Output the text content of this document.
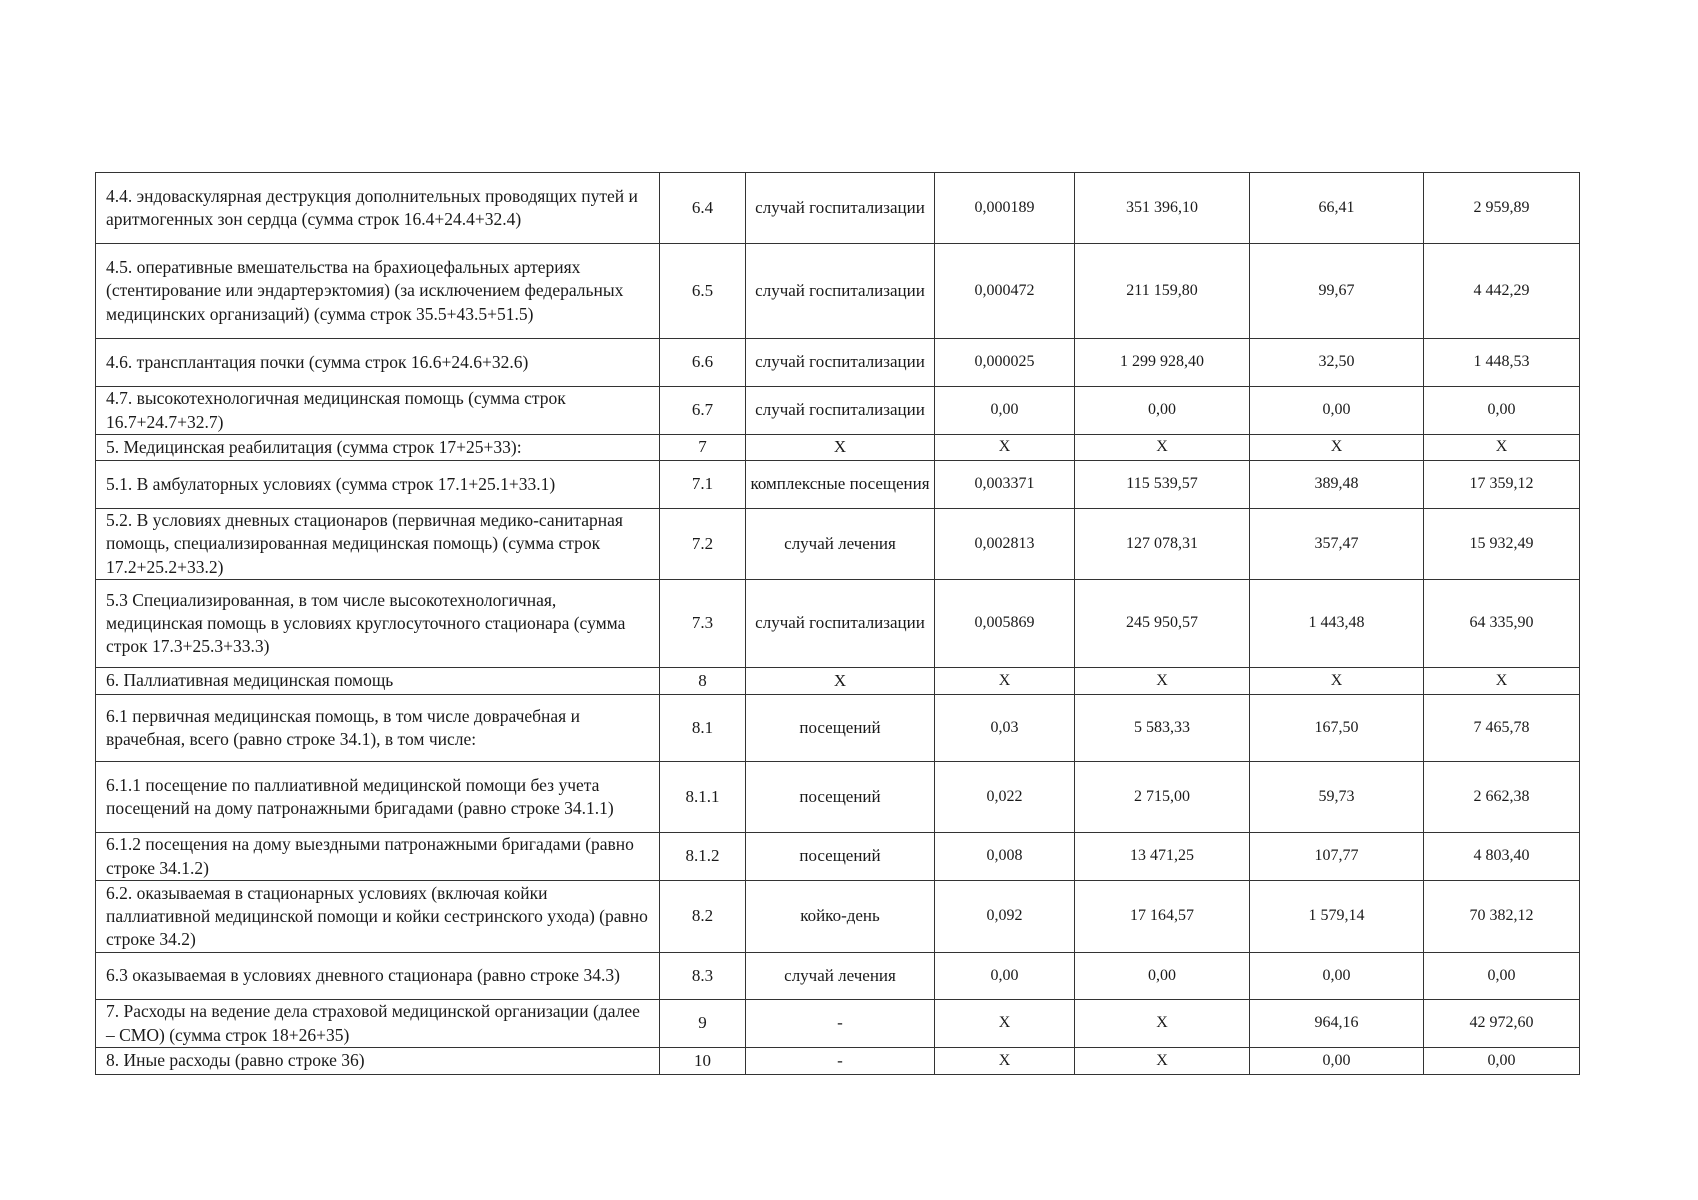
4.4. эндоваскулярная деструкция дополнительных проводящих путей и аритмогенных зон сердца (сумма строк 16.4+24.4+32.4)	6.4	случай госпитализации	0,000189	351 396,10	66,41	2 959,89
4.5. оперативные вмешательства на брахиоцефальных артериях (стентирование или эндартерэктомия) (за исключением федеральных медицинских организаций) (сумма строк 35.5+43.5+51.5)	6.5	случай госпитализации	0,000472	211 159,80	99,67	4 442,29
4.6. трансплантация почки (сумма строк 16.6+24.6+32.6)	6.6	случай госпитализации	0,000025	1 299 928,40	32,50	1 448,53
4.7. высокотехнологичная медицинская помощь (сумма строк 16.7+24.7+32.7)	6.7	случай госпитализации	0,00	0,00	0,00	0,00
5. Медицинская реабилитация (сумма строк 17+25+33):	7	X	X	X	X	X
5.1. В амбулаторных условиях (сумма строк 17.1+25.1+33.1)	7.1	комплексные посещения	0,003371	115 539,57	389,48	17 359,12
5.2. В условиях дневных стационаров (первичная медико-санитарная помощь, специализированная медицинская помощь) (сумма строк 17.2+25.2+33.2)	7.2	случай лечения	0,002813	127 078,31	357,47	15 932,49
5.3 Специализированная, в том числе высокотехнологичная, медицинская помощь в условиях круглосуточного стационара (сумма строк 17.3+25.3+33.3)	7.3	случай госпитализации	0,005869	245 950,57	1 443,48	64 335,90
6. Паллиативная медицинская помощь	8	X	X	X	X	X
6.1 первичная медицинская помощь, в том числе доврачебная и врачебная, всего (равно строке 34.1), в том числе:	8.1	посещений	0,03	5 583,33	167,50	7 465,78
6.1.1 посещение по паллиативной медицинской помощи без учета посещений на дому патронажными бригадами (равно строке 34.1.1)	8.1.1	посещений	0,022	2 715,00	59,73	2 662,38
6.1.2 посещения на дому выездными патронажными бригадами (равно строке 34.1.2)	8.1.2	посещений	0,008	13 471,25	107,77	4 803,40
6.2. оказываемая в стационарных условиях (включая койки паллиативной медицинской помощи и койки сестринского ухода) (равно строке 34.2)	8.2	койко-день	0,092	17 164,57	1 579,14	70 382,12
6.3 оказываемая в условиях дневного стационара (равно строке 34.3)	8.3	случай лечения	0,00	0,00	0,00	0,00
7. Расходы на ведение дела страховой медицинской организации (далее – СМО) (сумма строк 18+26+35)	9	-	X	X	964,16	42 972,60
8. Иные расходы (равно строке 36)	10	-	X	X	0,00	0,00
